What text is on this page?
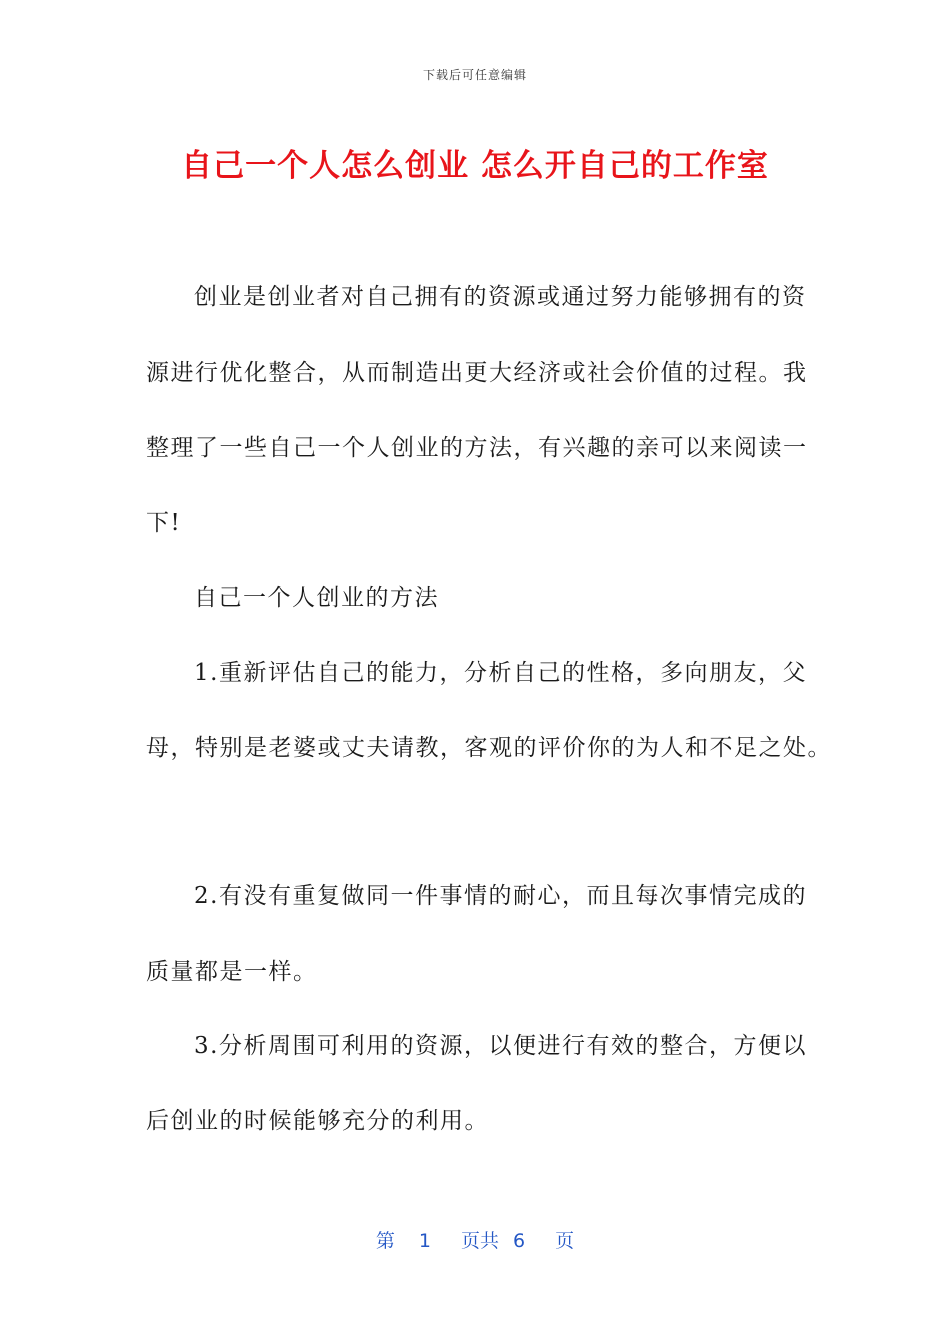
下载后可任意编辑
自己一个人怎么创业 怎么开自己的工作室
创业是创业者对自己拥有的资源或通过努力能够拥有的资
源进行优化整合，从而制造出更大经济或社会价值的过程。我
整理了一些自己一个人创业的方法，有兴趣的亲可以来阅读一
下!
自己一个人创业的方法
1.重新评估自己的能力，分析自己的性格，多向朋友，父
母，特别是老婆或丈夫请教，客观的评价你的为人和不足之处。
2.有没有重复做同一件事情的耐心，而且每次事情完成的
质量都是一样。
3.分析周围可利用的资源，以便进行有效的整合，方便以
后创业的时候能够充分的利用。
第 1 页共 6 页
